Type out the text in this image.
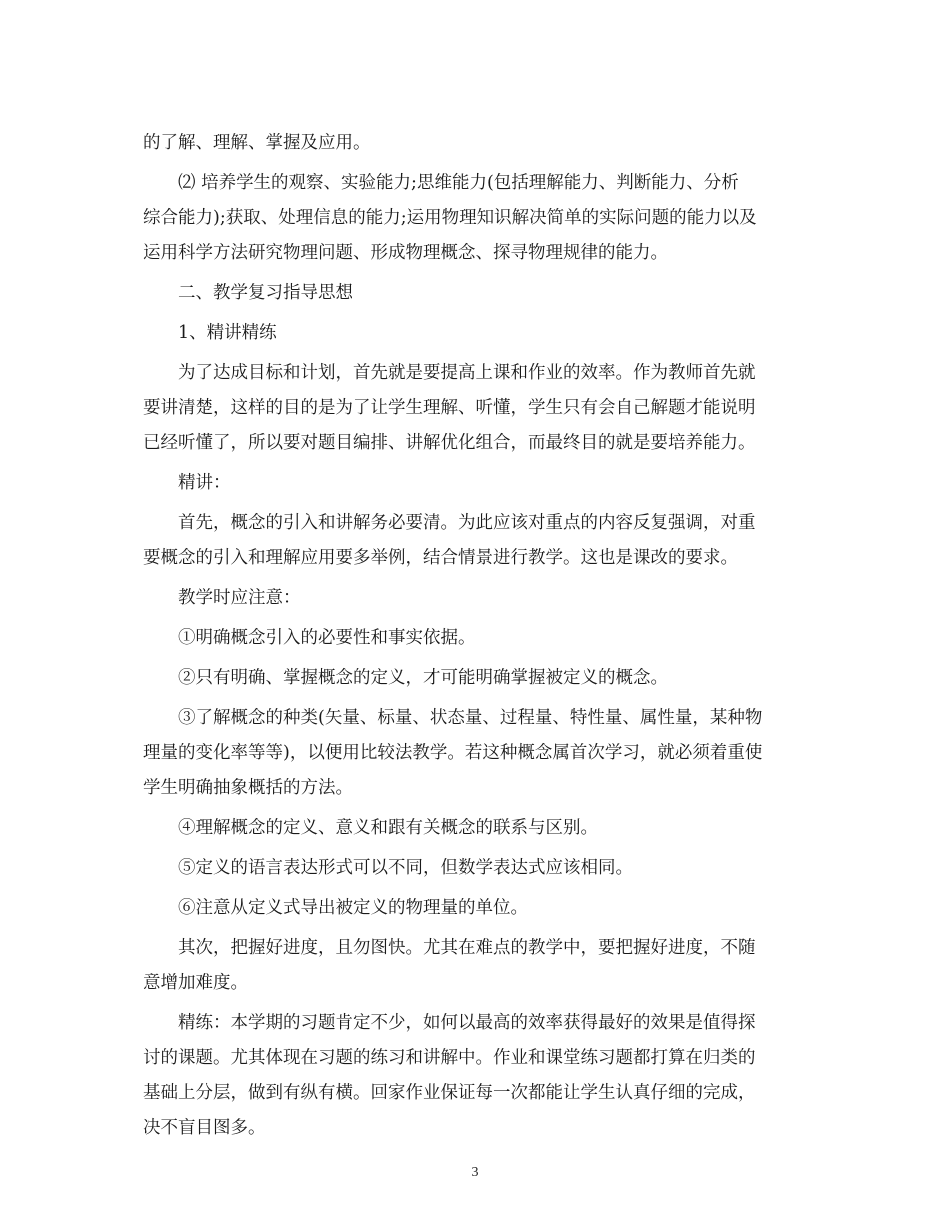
的了解、理解、掌握及应用。
⑵ 培养学生的观察、实验能力;思维能力(包括理解能力、判断能力、分析
综合能力);获取、处理信息的能力;运用物理知识解决简单的实际问题的能力以及
运用科学方法研究物理问题、形成物理概念、探寻物理规律的能力。
二、教学复习指导思想
1、精讲精练
为了达成目标和计划，首先就是要提高上课和作业的效率。作为教师首先就
要讲清楚，这样的目的是为了让学生理解、听懂，学生只有会自己解题才能说明
已经听懂了，所以要对题目编排、讲解优化组合，而最终目的就是要培养能力。
精讲：
首先，概念的引入和讲解务必要清。为此应该对重点的内容反复强调，对重
要概念的引入和理解应用要多举例，结合情景进行教学。这也是课改的要求。
教学时应注意：
①明确概念引入的必要性和事实依据。
②只有明确、掌握概念的定义，才可能明确掌握被定义的概念。
③了解概念的种类(矢量、标量、状态量、过程量、特性量、属性量，某种物
理量的变化率等等)，以便用比较法教学。若这种概念属首次学习，就必须着重使
学生明确抽象概括的方法。
④理解概念的定义、意义和跟有关概念的联系与区别。
⑤定义的语言表达形式可以不同，但数学表达式应该相同。
⑥注意从定义式导出被定义的物理量的单位。
其次，把握好进度，且勿图快。尤其在难点的教学中，要把握好进度，不随
意增加难度。
精练：本学期的习题肯定不少，如何以最高的效率获得最好的效果是值得探
讨的课题。尤其体现在习题的练习和讲解中。作业和课堂练习题都打算在归类的
基础上分层，做到有纵有横。回家作业保证每一次都能让学生认真仔细的完成，
决不盲目图多。
3
